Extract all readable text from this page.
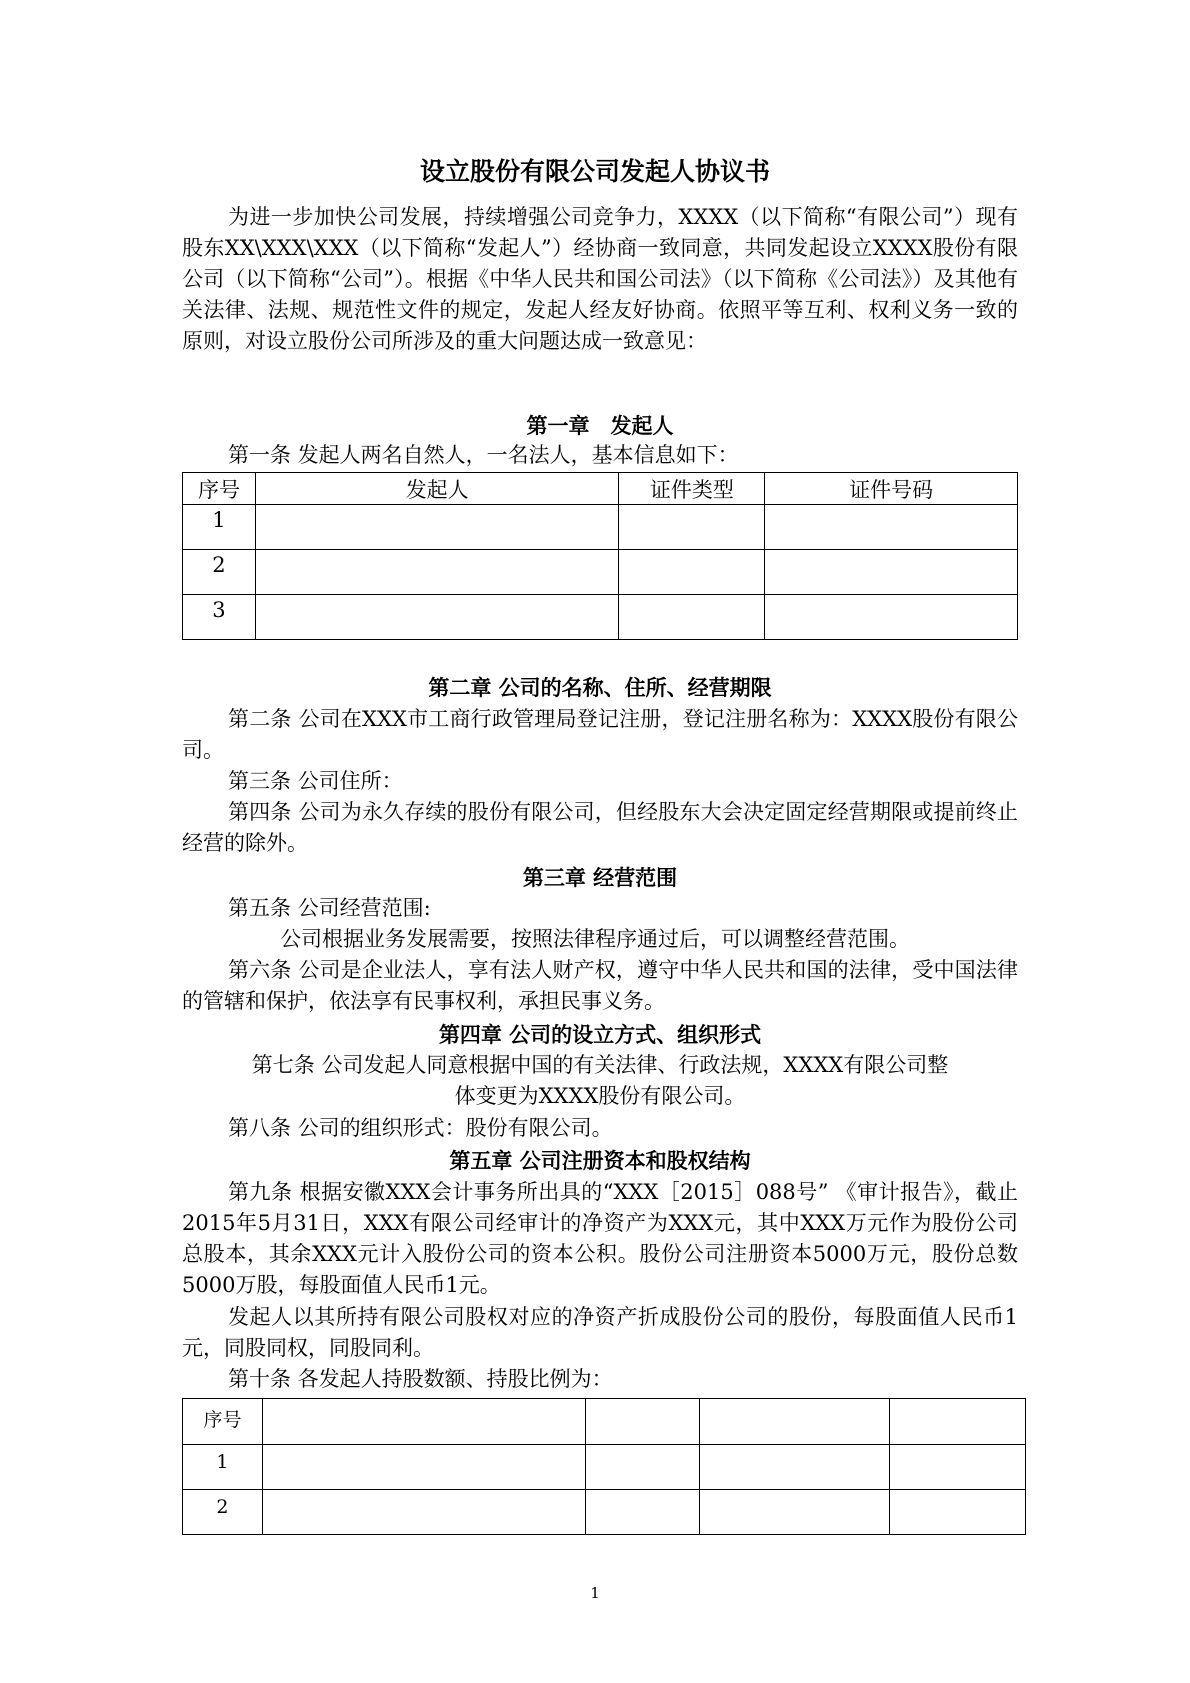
设立股份有限公司发起人协议书
为进一步加快公司发展，持续增强公司竞争力，XXXX（以下简称“有限公司”）现有股东XX\XXX\XXX（以下简称“发起人”）经协商一致同意，共同发起设立XXXX股份有限公司（以下简称“公司”）。根据《中华人民共和国公司法》（以下简称《公司法》）及其他有关法律、法规、规范性文件的规定，发起人经友好协商。依照平等互利、权利义务一致的原则，对设立股份公司所涉及的重大问题达成一致意见：
第一章　发起人
第一条 发起人两名自然人，一名法人，基本信息如下：
序号	发起人	证件类型	证件号码
1			
2			
3			
第二章 公司的名称、住所、经营期限
第二条 公司在XXX市工商行政管理局登记注册，登记注册名称为：XXXX股份有限公司。
第三条 公司住所：
第四条 公司为永久存续的股份有限公司，但经股东大会决定固定经营期限或提前终止经营的除外。
第三章 经营范围
第五条 公司经营范围:
公司根据业务发展需要，按照法律程序通过后，可以调整经营范围。
第六条 公司是企业法人，享有法人财产权，遵守中华人民共和国的法律，受中国法律的管辖和保护，依法享有民事权利，承担民事义务。
第四章 公司的设立方式、组织形式
第七条 公司发起人同意根据中国的有关法律、行政法规，XXXX有限公司整
体变更为XXXX股份有限公司。
第八条 公司的组织形式：股份有限公司。
第五章 公司注册资本和股权结构
第九条 根据安徽XXX会计事务所出具的“XXX［2015］088号” 《审计报告》，截止2015年5月31日，XXX有限公司经审计的净资产为XXX元，其中XXX万元作为股份公司总股本，其余XXX元计入股份公司的资本公积。股份公司注册资本5000万元，股份总数5000万股，每股面值人民币1元。
发起人以其所持有限公司股权对应的净资产折成股份公司的股份，每股面值人民币1元，同股同权，同股同利。
第十条 各发起人持股数额、持股比例为：
序号				
1				
2				
1
